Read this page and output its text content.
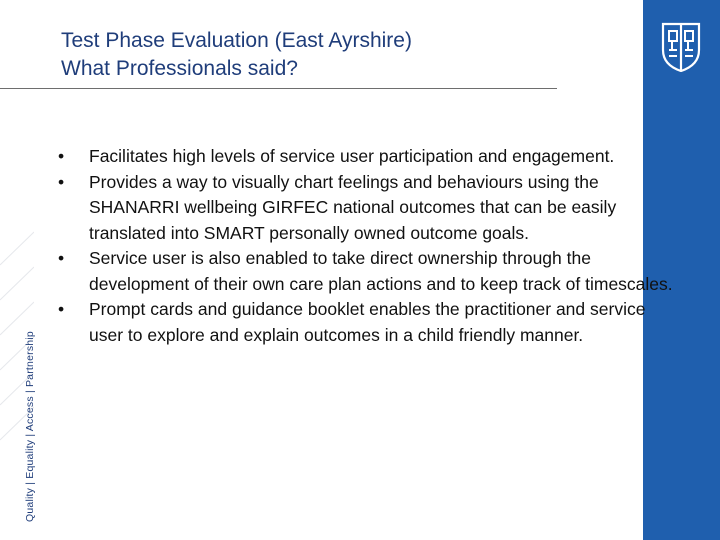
Test Phase Evaluation (East Ayrshire)
What Professionals said?
Quality | Equality | Access | Partnership
•	Facilitates high levels of service user participation and engagement.
•	Provides a way to visually chart feelings and behaviours using the SHANARRI wellbeing GIRFEC national outcomes that can be easily translated into SMART personally owned outcome goals.
•	Service user is also enabled to take direct ownership through the development of their own care plan actions and to keep track of timescales.
•	Prompt cards and guidance booklet enables the practitioner and service user to explore and explain outcomes in a child friendly manner.
